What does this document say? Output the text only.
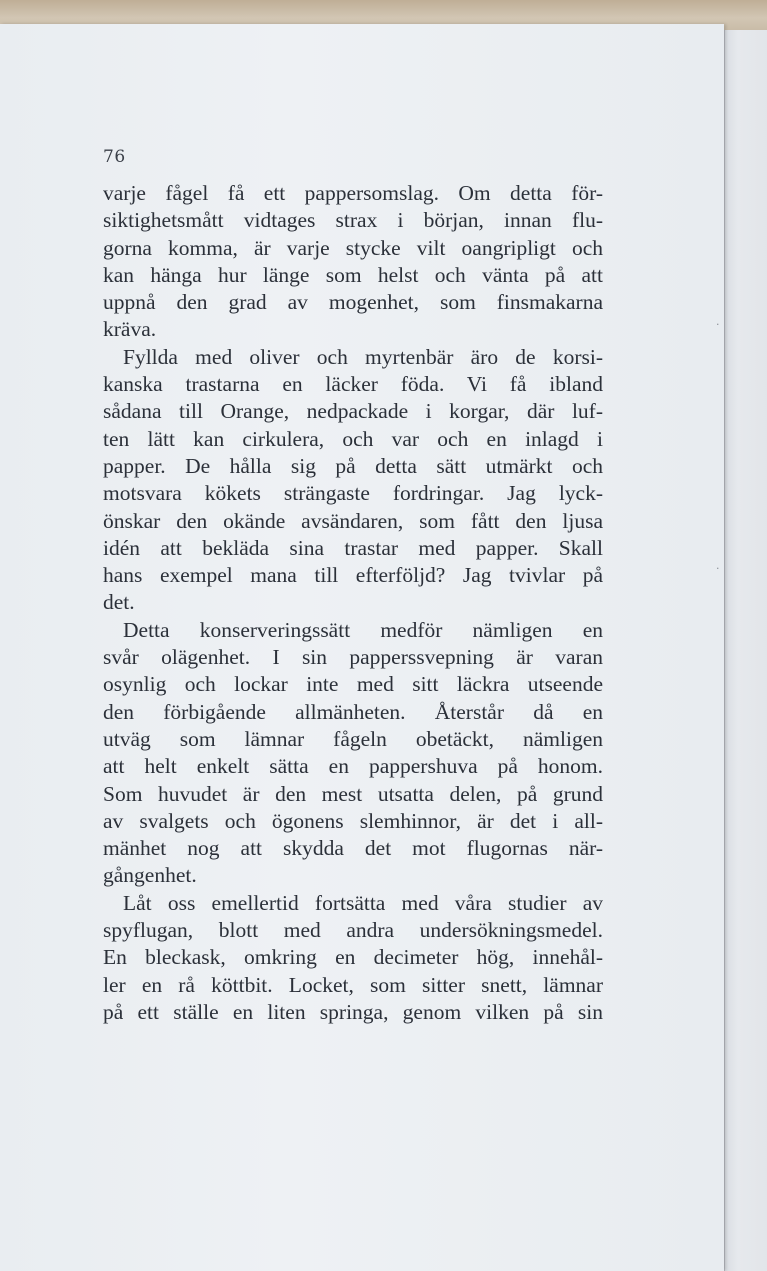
76
varje fågel få ett pappersomslag. Om detta för-
siktighetsmått vidtages strax i början, innan flu-
gorna komma, är varje stycke vilt oangripligt och
kan hänga hur länge som helst och vänta på att
uppnå den grad av mogenhet, som finsmakarna
kräva.
Fyllda med oliver och myrtenbär äro de korsi-
kanska trastarna en läcker föda. Vi få ibland
sådana till Orange, nedpackade i korgar, där luf-
ten lätt kan cirkulera, och var och en inlagd i
papper. De hålla sig på detta sätt utmärkt och
motsvara kökets strängaste fordringar. Jag lyck-
önskar den okände avsändaren, som fått den ljusa
idén att bekläda sina trastar med papper. Skall
hans exempel mana till efterföljd? Jag tvivlar på
det.
Detta konserveringssätt medför nämligen en
svår olägenhet. I sin papperssvepning är varan
osynlig och lockar inte med sitt läckra utseende
den förbigående allmänheten. Återstår då en
utväg som lämnar fågeln obetäckt, nämligen
att helt enkelt sätta en pappershuva på honom.
Som huvudet är den mest utsatta delen, på grund
av svalgets och ögonens slemhinnor, är det i all-
mänhet nog att skydda det mot flugornas när-
gångenhet.
Låt oss emellertid fortsätta med våra studier av
spyflugan, blott med andra undersökningsmedel.
En bleckask, omkring en decimeter hög, innehål-
ler en rå köttbit. Locket, som sitter snett, lämnar
på ett ställe en liten springa, genom vilken på sin
·
·
